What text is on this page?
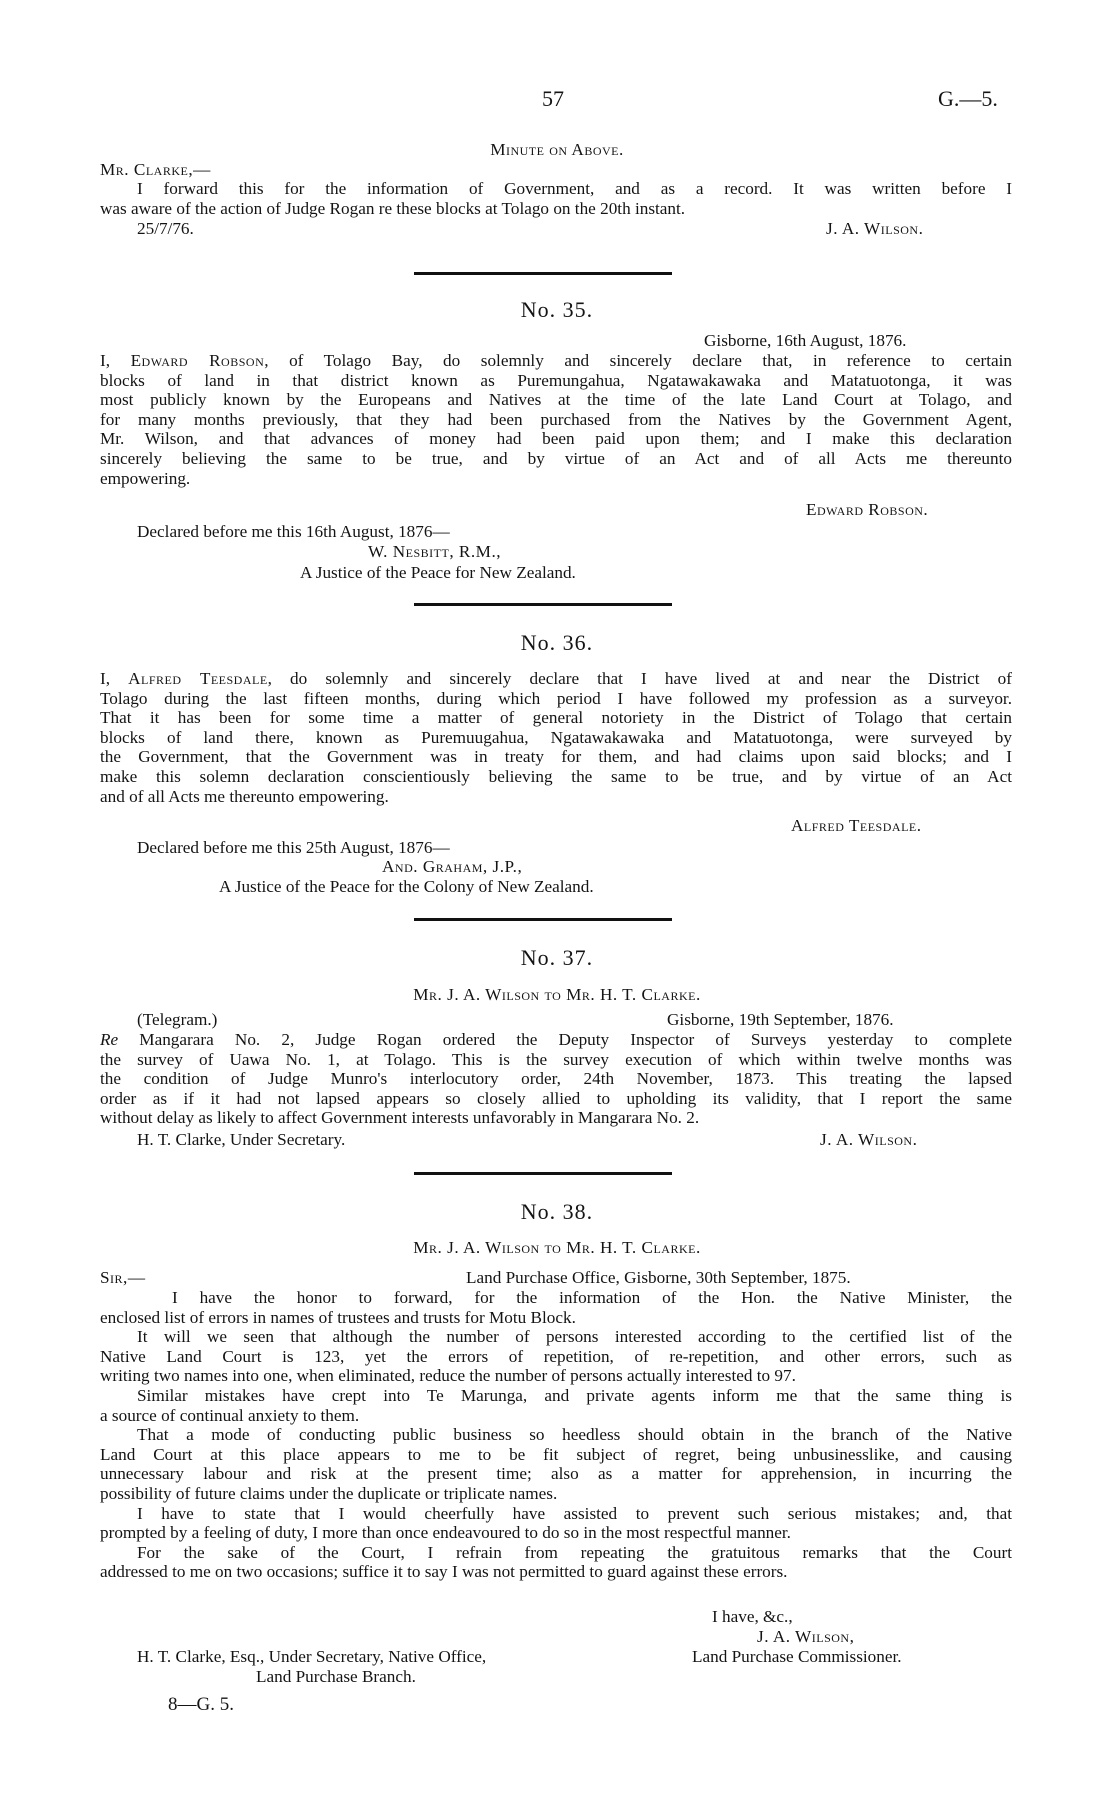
57	G.—5.
Minute on Above.
Mr. Clarke,—

I forward this for the information of Government, and as a record. It was written before I

was aware of the action of Judge Rogan re these blocks at Tolago on the 20th instant.

25/7/76.	J. A. Wilson.
No. 35.
Gisborne, 16th August, 1876.

I, Edward Robson, of Tolago Bay, do solemnly and sincerely declare that, in reference to certain

blocks of land in that district known as Puremungahua, Ngatawakawaka and Matatuotonga, it was

most publicly known by the Europeans and Natives at the time of the late Land Court at Tolago, and

for many months previously, that they had been purchased from the Natives by the Government Agent,

Mr. Wilson, and that advances of money had been paid upon them; and I make this declaration

sincerely believing the same to be true, and by virtue of an Act and of all Acts me thereunto

empowering.

Edward Robson.
Declared before me this 16th August, 1876—
W. Nesbitt, R.M.,
A Justice of the Peace for New Zealand.
No. 36.

I, Alfred Teesdale, do solemnly and sincerely declare that I have lived at and near the District of

Tolago during the last fifteen months, during which period I have followed my profession as a surveyor.

That it has been for some time a matter of general notoriety in the District of Tolago that certain

blocks of land there, known as Puremuugahua, Ngatawakawaka and Matatuotonga, were surveyed by

the Government, that the Government was in treaty for them, and had claims upon said blocks; and I

make this solemn declaration conscientiously believing the same to be true, and by virtue of an Act

and of all Acts me thereunto empowering.

Alfred Teesdale.
Declared before me this 25th August, 1876—
And. Graham, J.P.,
A Justice of the Peace for the Colony of New Zealand.
No. 37.
Mr. J. A. Wilson to Mr. H. T. Clarke.
(Telegram.)	Gisborne, 19th September, 1876.

Re Mangarara No. 2, Judge Rogan ordered the Deputy Inspector of Surveys yesterday to complete

the survey of Uawa No. 1, at Tolago. This is the survey execution of which within twelve months was

the condition of Judge Munro's interlocutory order, 24th November, 1873. This treating the lapsed

order as if it had not lapsed appears so closely allied to upholding its validity, that I report the same

without delay as likely to affect Government interests unfavorably in Mangarara No. 2.

H. T. Clarke, Under Secretary.	J. A. Wilson.
No. 38.
Mr. J. A. Wilson to Mr. H. T. Clarke.
Sir,—	Land Purchase Office, Gisborne, 30th September, 1875.

I have the honor to forward, for the information of the Hon. the Native Minister, the

enclosed list of errors in names of trustees and trusts for Motu Block.

It will we seen that although the number of persons interested according to the certified list of the

Native Land Court is 123, yet the errors of repetition, of re-repetition, and other errors, such as

writing two names into one, when eliminated, reduce the number of persons actually interested to 97.

Similar mistakes have crept into Te Marunga, and private agents inform me that the same thing is

a source of continual anxiety to them.

That a mode of conducting public business so heedless should obtain in the branch of the Native

Land Court at this place appears to me to be fit subject of regret, being unbusinesslike, and causing

unnecessary labour and risk at the present time; also as a matter for apprehension, in incurring the

possibility of future claims under the duplicate or triplicate names.

I have to state that I would cheerfully have assisted to prevent such serious mistakes; and, that

prompted by a feeling of duty, I more than once endeavoured to do so in the most respectful manner.

For the sake of the Court, I refrain from repeating the gratuitous remarks that the Court

addressed to me on two occasions; suffice it to say I was not permitted to guard against these errors.

I have, &c.,
J. A. Wilson,
Land Purchase Commissioner.
H. T. Clarke, Esq., Under Secretary, Native Office,
Land Purchase Branch.
8—G. 5.
